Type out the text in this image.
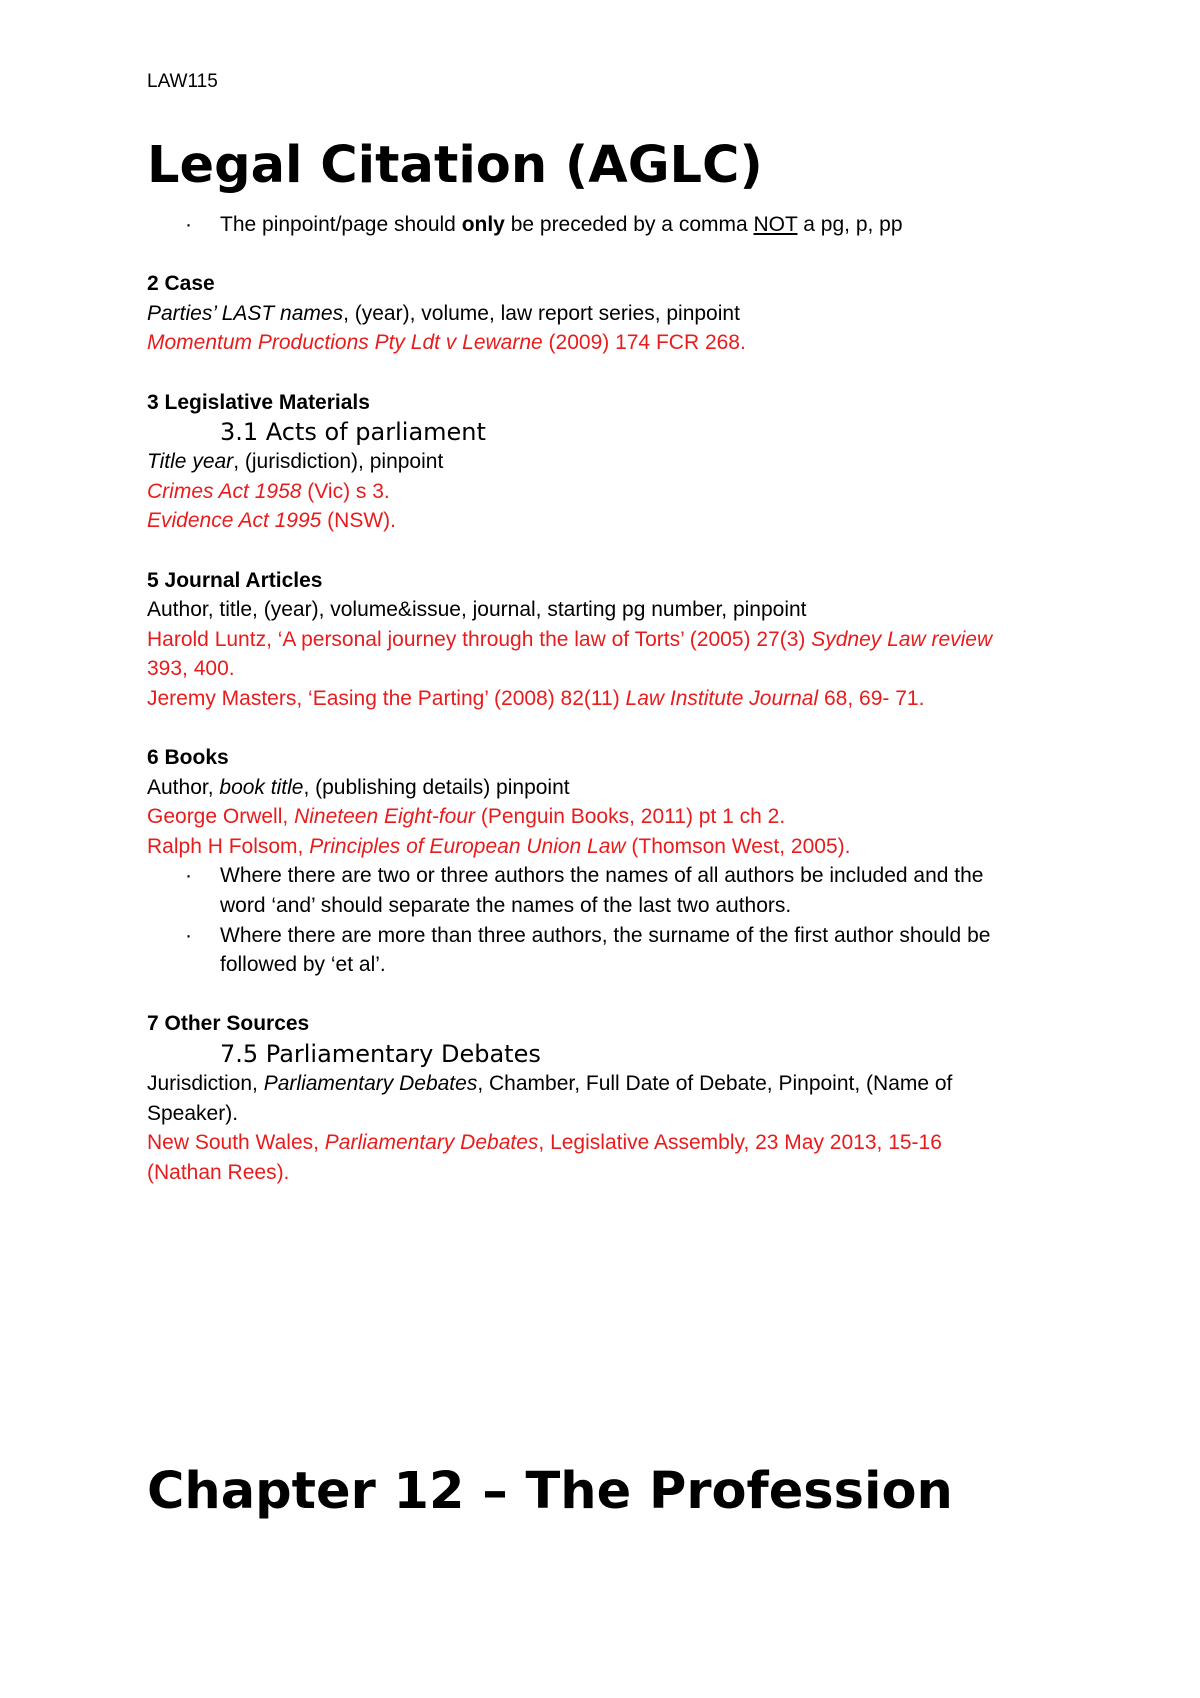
LAW115

Legal Citation (AGLC)

· The pinpoint/page should only be preceded by a comma NOT a pg, p, pp

2 Case

Parties’ LAST names, (year), volume, law report series, pinpoint

Momentum Productions Pty Ldt v Lewarne (2009) 174 FCR 268.

3 Legislative Materials

3.1 Acts of parliament

Title year, (jurisdiction), pinpoint

Crimes Act 1958 (Vic) s 3.

Evidence Act 1995 (NSW).

5 Journal Articles

Author, title, (year), volume&issue, journal, starting pg number, pinpoint

Harold Luntz, ‘A personal journey through the law of Torts’ (2005) 27(3) Sydney Law review

393, 400.

Jeremy Masters, ‘Easing the Parting’ (2008) 82(11) Law Institute Journal 68, 69- 71.

6 Books

Author, book title, (publishing details) pinpoint

George Orwell, Nineteen Eight-four (Penguin Books, 2011) pt 1 ch 2.

Ralph H Folsom, Principles of European Union Law (Thomson West, 2005).

· Where there are two or three authors the names of all authors be included and the

word ‘and’ should separate the names of the last two authors.

· Where there are more than three authors, the surname of the first author should be

followed by ‘et al’.

7 Other Sources

7.5 Parliamentary Debates

Jurisdiction, Parliamentary Debates, Chamber, Full Date of Debate, Pinpoint, (Name of

Speaker).

New South Wales, Parliamentary Debates, Legislative Assembly, 23 May 2013, 15-16

(Nathan Rees).

Chapter 12 – The Profession
